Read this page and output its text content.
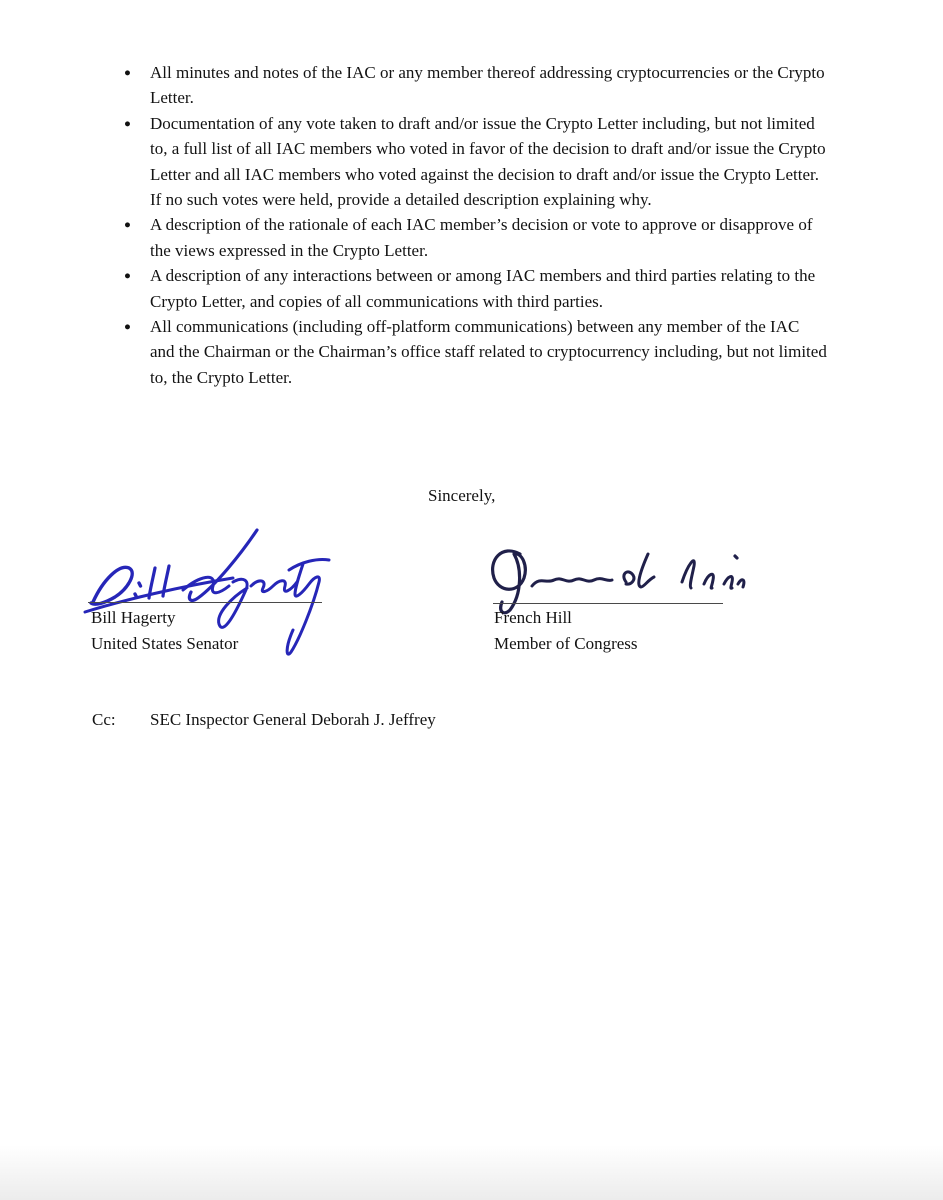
● All minutes and notes of the IAC or any member thereof addressing cryptocurrencies or the Crypto Letter.
● Documentation of any vote taken to draft and/or issue the Crypto Letter including, but not limited to, a full list of all IAC members who voted in favor of the decision to draft and/or issue the Crypto Letter and all IAC members who voted against the decision to draft and/or issue the Crypto Letter. If no such votes were held, provide a detailed description explaining why.
● A description of the rationale of each IAC member’s decision or vote to approve or disapprove of the views expressed in the Crypto Letter.
● A description of any interactions between or among IAC members and third parties relating to the Crypto Letter, and copies of all communications with third parties.
● All communications (including off-platform communications) between any member of the IAC and the Chairman or the Chairman’s office staff related to cryptocurrency including, but not limited to, the Crypto Letter.
Sincerely,
Bill Hagerty
United States Senator
French Hill
Member of Congress
Cc: SEC Inspector General Deborah J. Jeffrey
